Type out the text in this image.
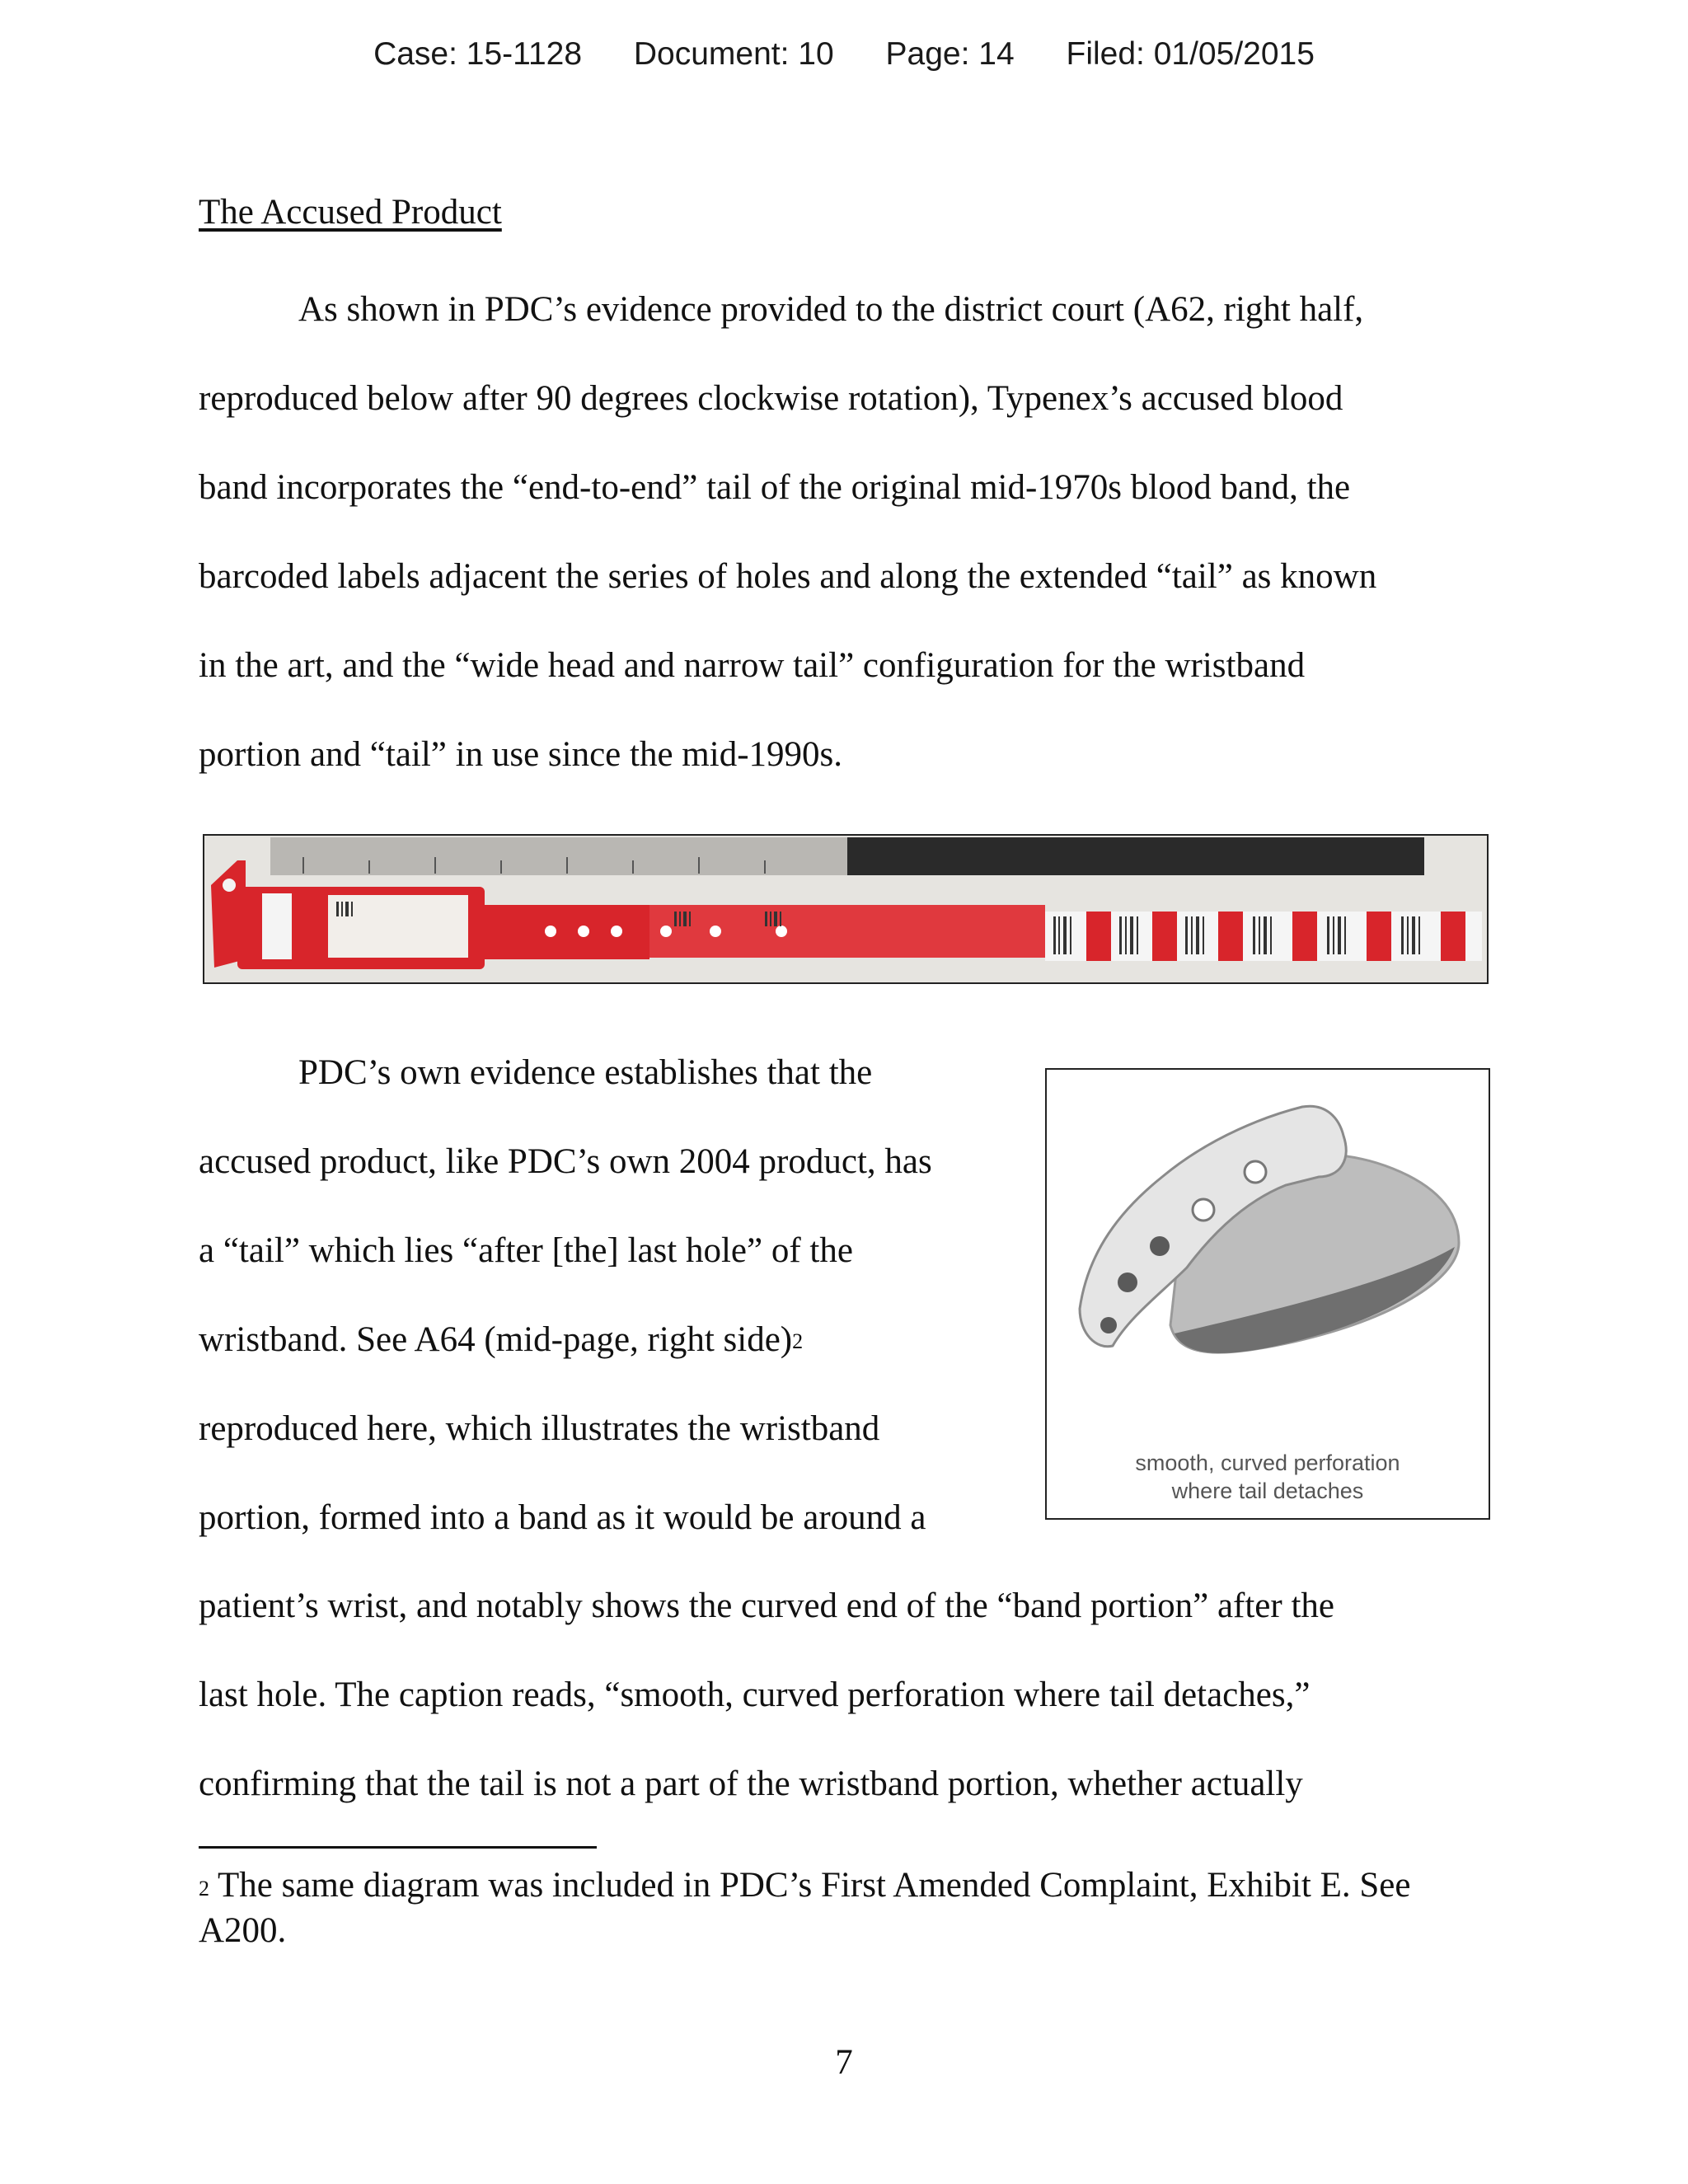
Case: 15-1128 Document: 10 Page: 14 Filed: 01/05/2015
The Accused Product
As shown in PDC’s evidence provided to the district court (A62, right half,
reproduced below after 90 degrees clockwise rotation), Typenex’s accused blood
band incorporates the “end-to-end” tail of the original mid-1970s blood band, the
barcoded labels adjacent the series of holes and along the extended “tail” as known
in the art, and the “wide head and narrow tail” configuration for the wristband
portion and “tail” in use since the mid-1990s.
PDC’s own evidence establishes that the
accused product, like PDC’s own 2004 product, has
a “tail” which lies “after [the] last hole” of the
wristband. See A64 (mid-page, right side)$^2$
reproduced here, which illustrates the wristband
portion, formed into a band as it would be around a
smooth, curved perforation
where tail detaches
patient’s wrist, and notably shows the curved end of the “band portion” after the
last hole. The caption reads, “smooth, curved perforation where tail detaches,”
confirming that the tail is not a part of the wristband portion, whether actually
$^2$ The same diagram was included in PDC’s First Amended Complaint, Exhibit E. See A200.
7
